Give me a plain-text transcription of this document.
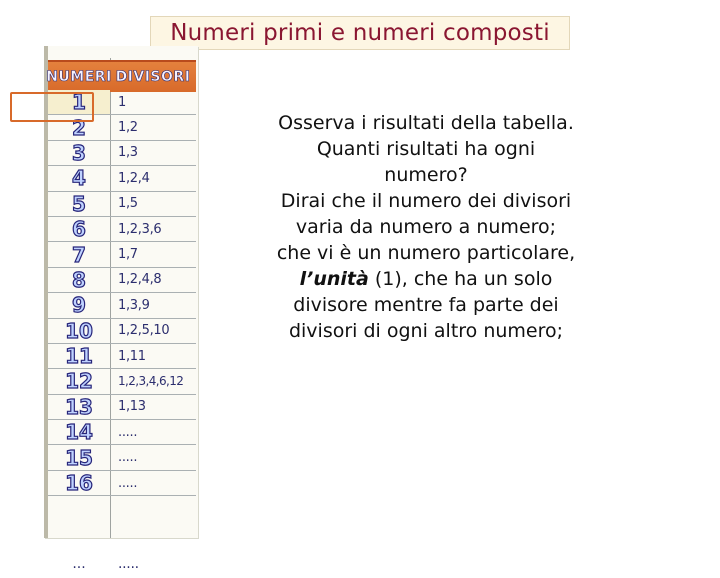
Numeri primi e numeri composti
NUMERI DIVISORI
1	1
2	1,2
3	1,3
4	1,2,4
5	1,5
6	1,2,3,6
7	1,7
8	1,2,4,8
9	1,3,9
10	1,2,5,10
11	1,11
12	1,2,3,4,6,12
13	1,13
14	.....
15	.....
16	.....
...	.....

Osserva i risultati della tabella.

Quanti risultati ha ogni

numero?

Dirai che il numero dei divisori

varia da numero a numero;

che vi è un numero particolare,

l’unità (1), che ha un solo

divisore mentre fa parte dei

divisori di ogni altro numero;
